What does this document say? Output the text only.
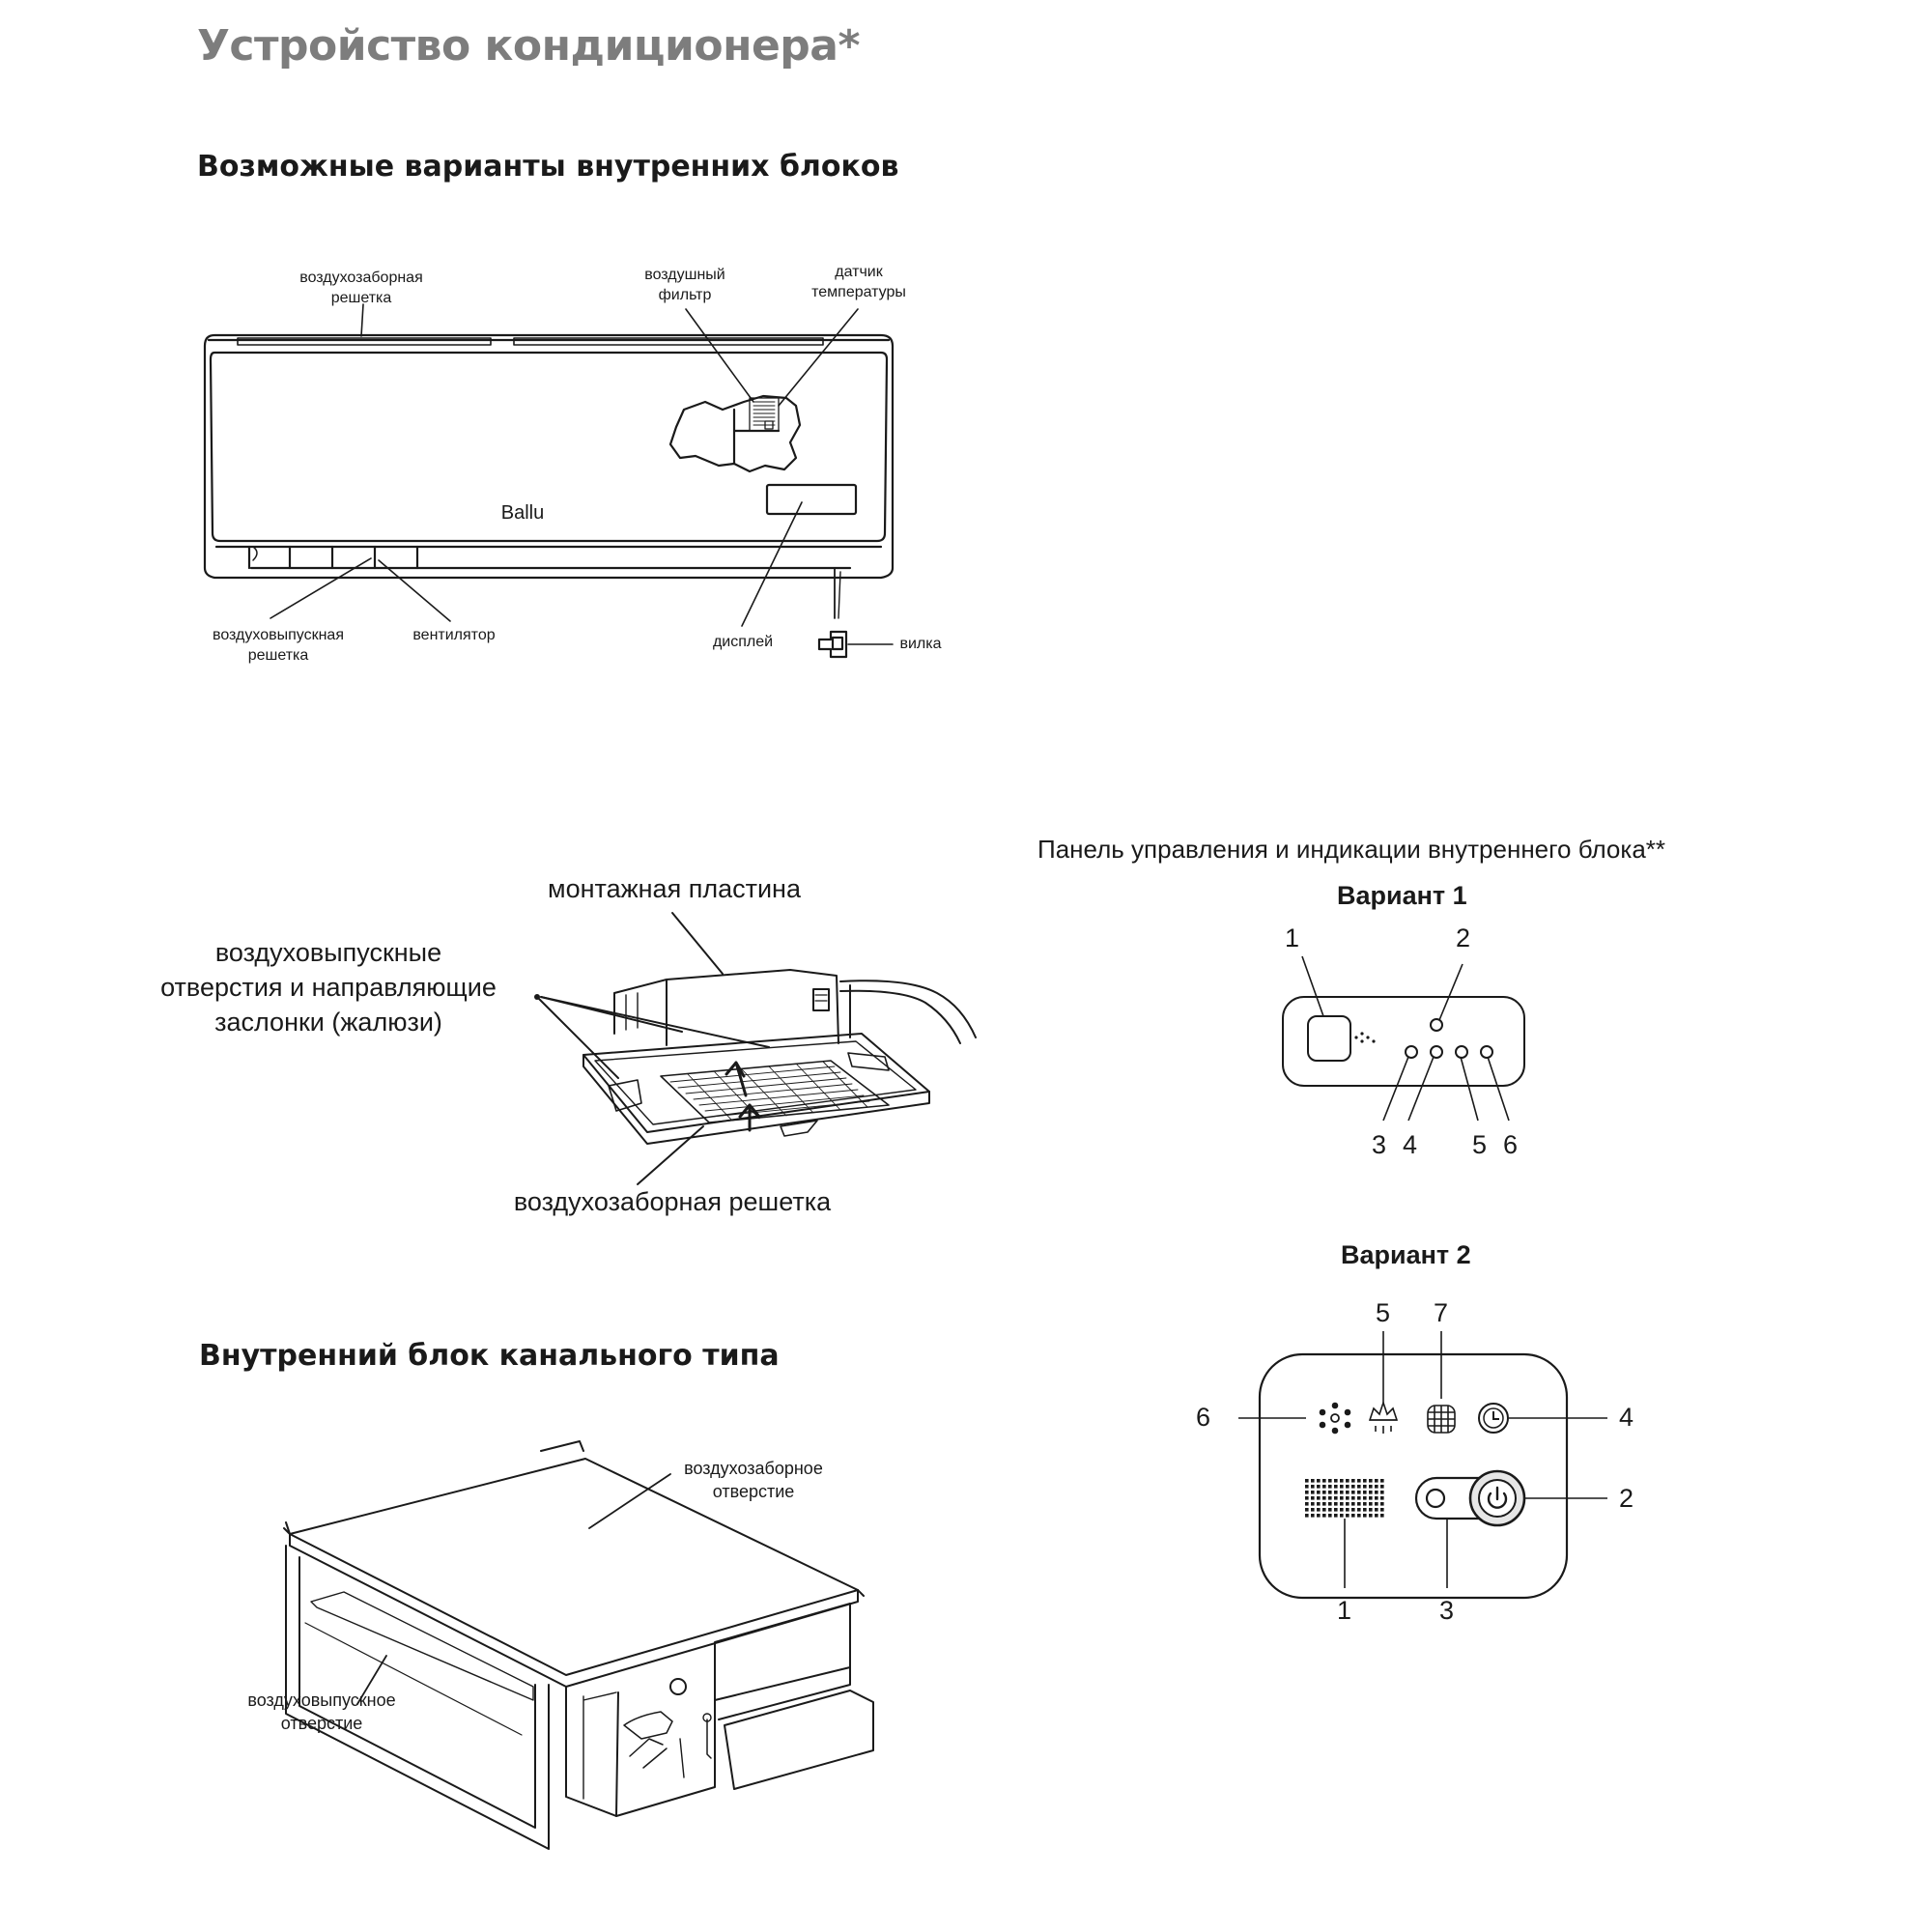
Устройство кондиционера*
Возможные варианты внутренних блоков
Внутренний блок канального типа
Ballu
воздухозаборная
решетка
воздушный
фильтр
датчик
температуры
воздуховыпускная
решетка
вентилятор	дисплей	вилка
монтажная пластина
воздуховыпускные
отверстия и направляющие
заслонки (жалюзи)
воздухозаборная решетка
воздухозаборное
отверстие
воздуховыпускное
отверстие
Панель управления и индикации внутреннего блока**
Вариант 1
Вариант 2
1	2
3 4 5 6
6
5 7
4
2
1	3
